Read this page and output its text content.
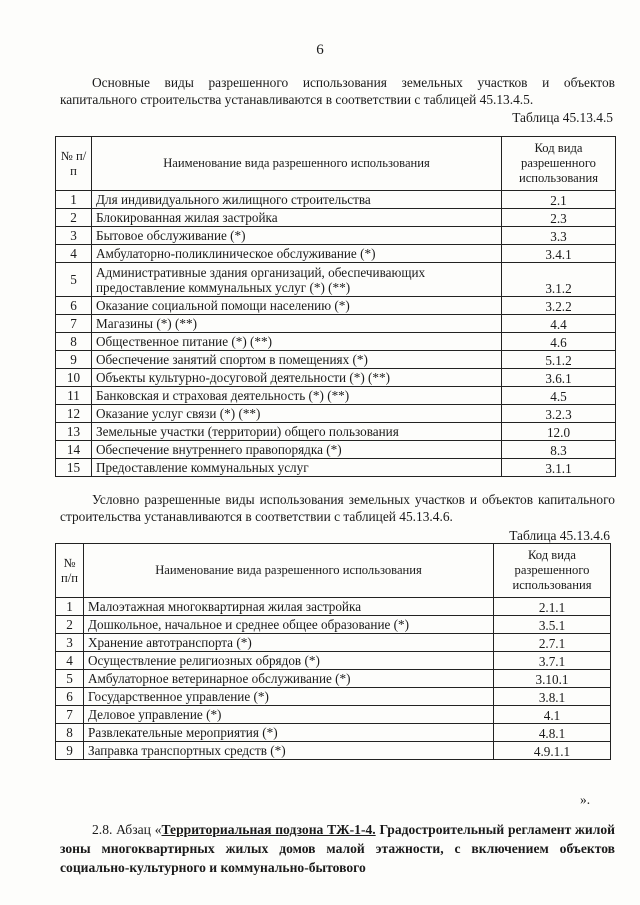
6

Основные виды разрешенного использования земельных участков и объектов капитального строительства устанавливаются в соответствии с таблицей 45.13.4.5.

Таблица 45.13.4.5
№ п/п	Наименование вида разрешенного использования	Код вида разрешенного использования
1	Для индивидуального жилищного строительства	2.1
2	Блокированная жилая застройка	2.3
3	Бытовое обслуживание (*)	3.3
4	Амбулаторно-поликлиническое обслуживание (*)	3.4.1
5	Административные здания организаций, обеспечивающих предоставление коммунальных услуг (*) (**)	3.1.2
6	Оказание социальной помощи населению (*)	3.2.2
7	Магазины (*) (**)	4.4
8	Общественное питание (*) (**)	4.6
9	Обеспечение занятий спортом в помещениях (*)	5.1.2
10	Объекты культурно-досуговой деятельности (*) (**)	3.6.1
11	Банковская и страховая деятельность (*) (**)	4.5
12	Оказание услуг связи (*) (**)	3.2.3
13	Земельные участки (территории) общего пользования	12.0
14	Обеспечение внутреннего правопорядка (*)	8.3
15	Предоставление коммунальных услуг	3.1.1

Условно разрешенные виды использования земельных участков и объектов капитального строительства устанавливаются в соответствии с таблицей 45.13.4.6.

Таблица 45.13.4.6
№ п/п	Наименование вида разрешенного использования	Код вида разрешенного использования
1	Малоэтажная многоквартирная жилая застройка	2.1.1
2	Дошкольное, начальное и среднее общее образование (*)	3.5.1
3	Хранение автотранспорта (*)	2.7.1
4	Осуществление религиозных обрядов (*)	3.7.1
5	Амбулаторное ветеринарное обслуживание (*)	3.10.1
6	Государственное управление (*)	3.8.1
7	Деловое управление (*)	4.1
8	Развлекательные мероприятия (*)	4.8.1
9	Заправка транспортных средств (*)	4.9.1.1
».

2.8. Абзац «Территориальная подзона ТЖ-1-4. Градостроительный регламент жилой зоны многоквартирных жилых домов малой этажности, с включением объектов социально-культурного и коммунально-бытового
